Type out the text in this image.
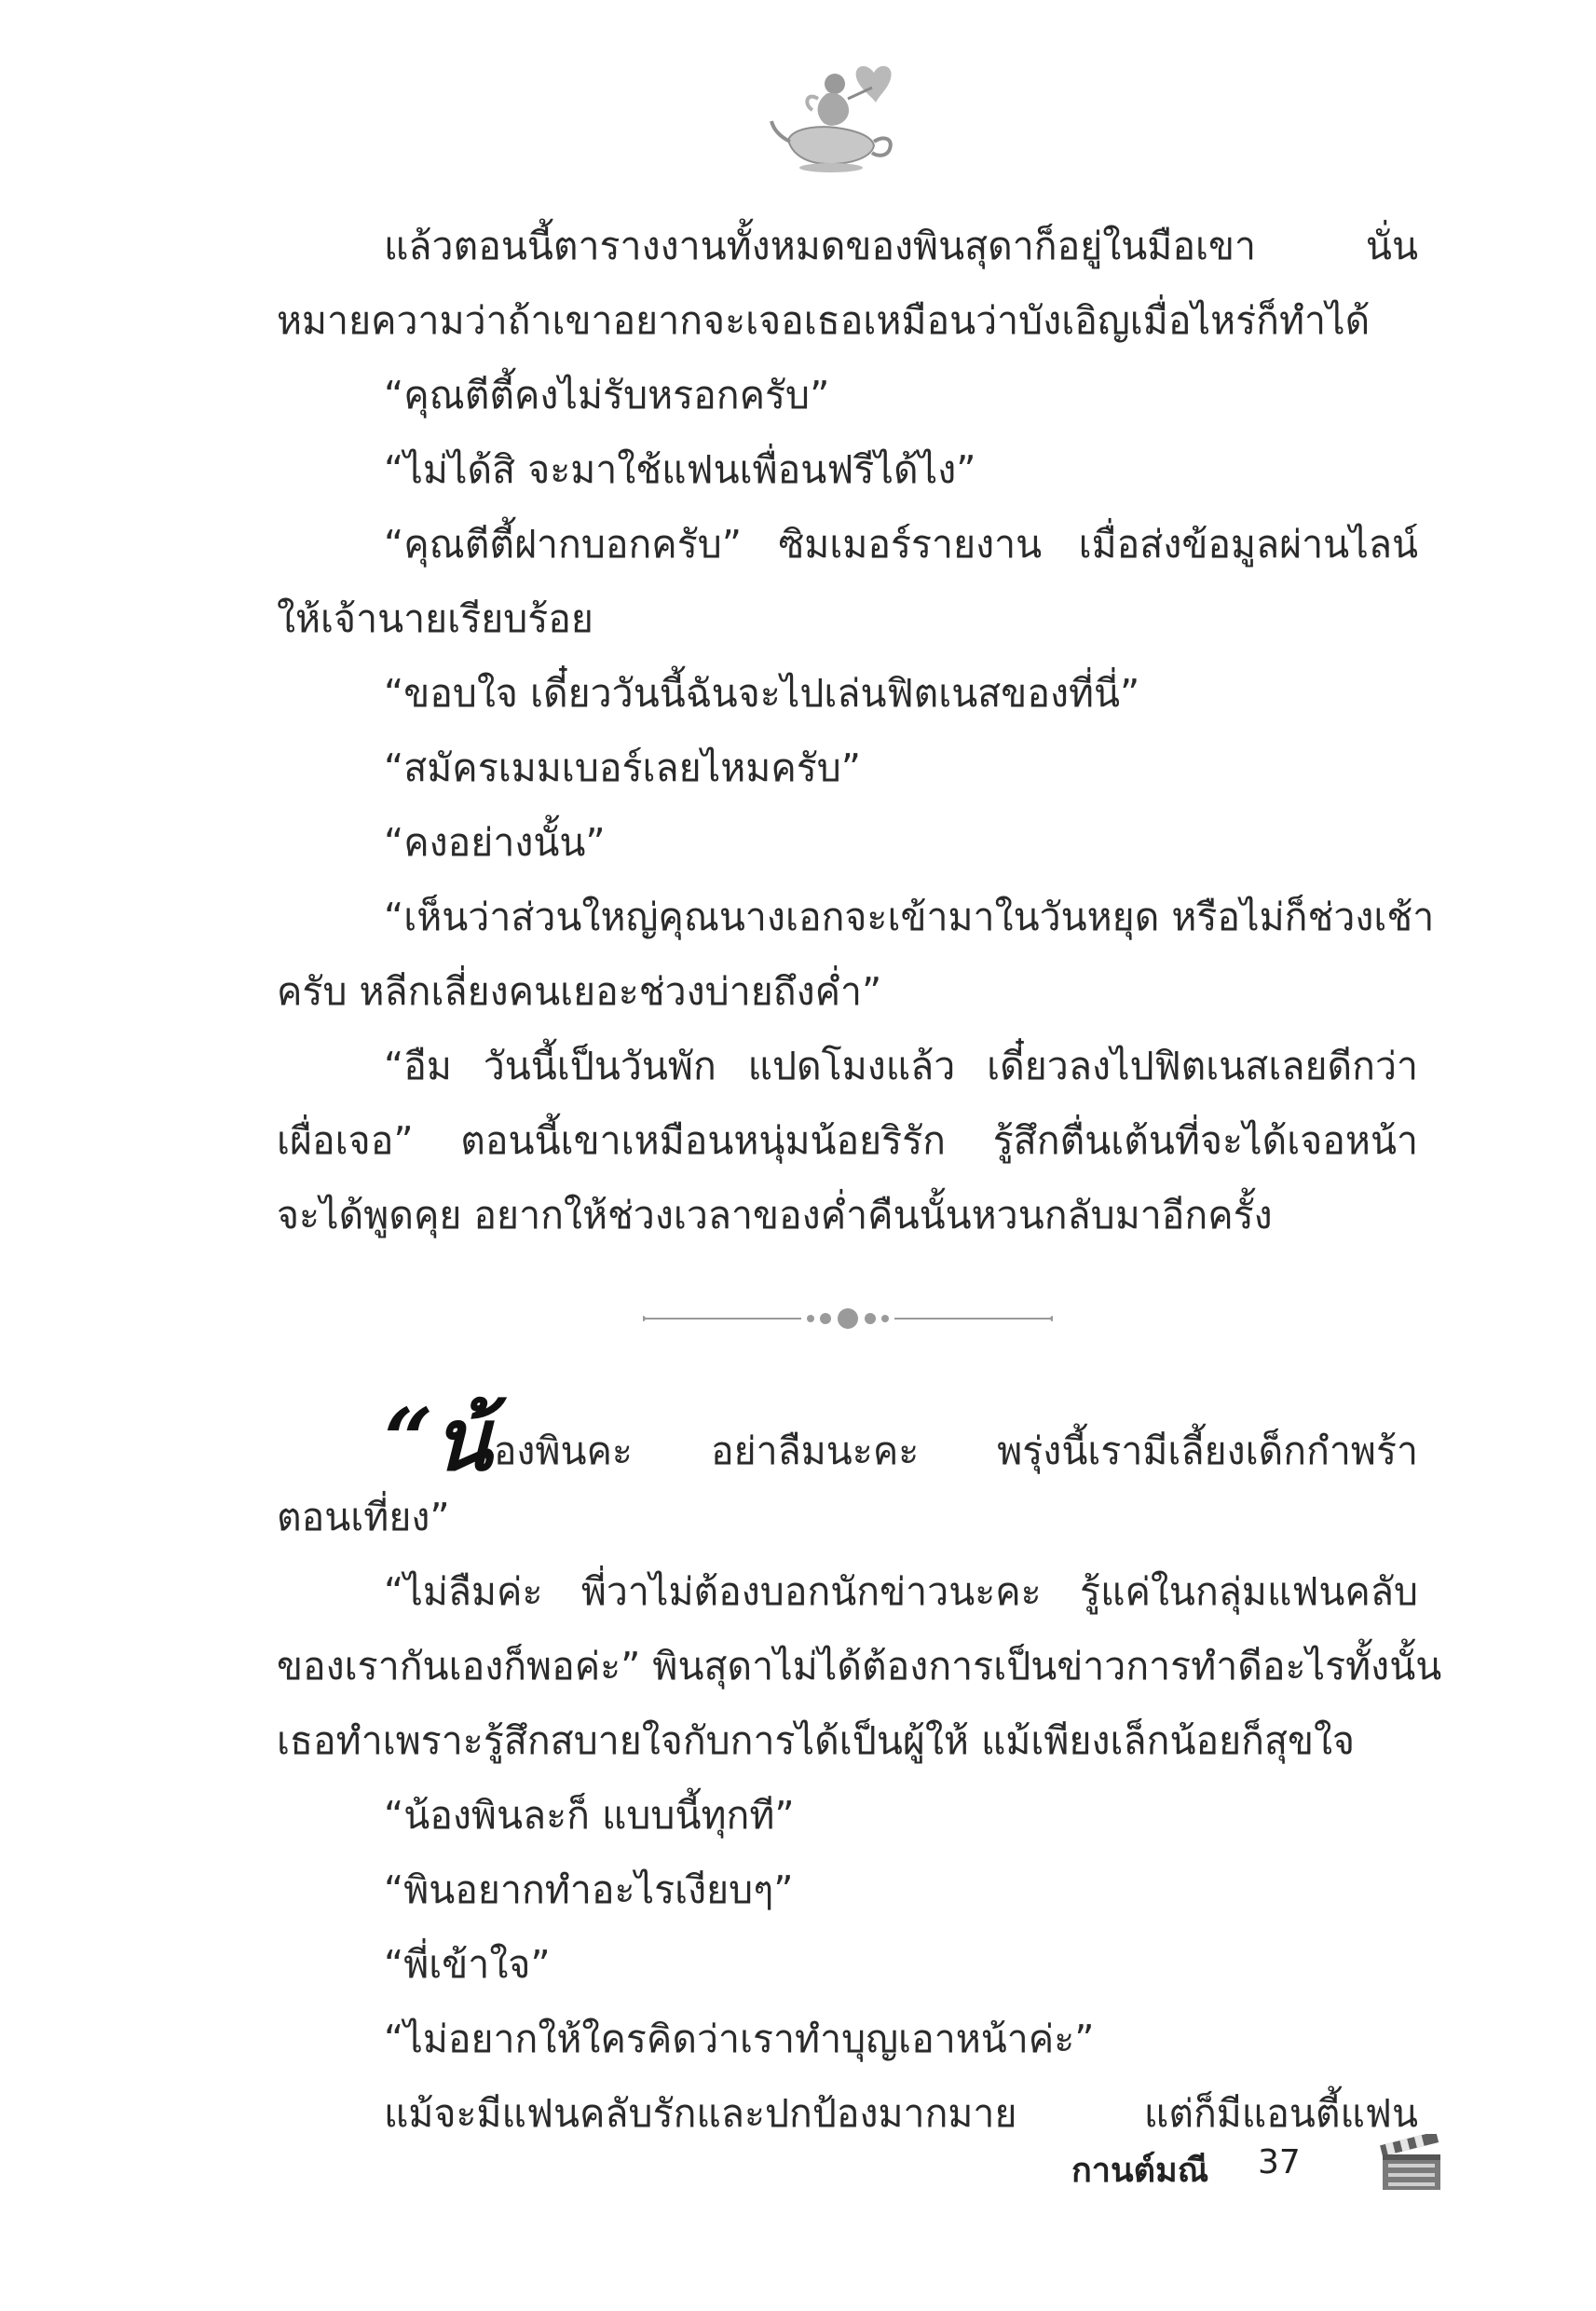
แล้วตอนนี้ตารางงานทั้งหมดของพินสุดาก็อยู่ในมือเขา นั่น
หมายความว่าถ้าเขาอยากจะเจอเธอเหมือนว่าบังเอิญเมื่อไหร่ก็ทำได้
“คุณตีตี้คงไม่รับหรอกครับ”
“ไม่ได้สิ จะมาใช้แฟนเพื่อนฟรีได้ไง”
“คุณตีตี้ฝากบอกครับ” ซิมเมอร์รายงาน เมื่อส่งข้อมูลผ่านไลน์
ให้เจ้านายเรียบร้อย
“ขอบใจ เดี๋ยววันนี้ฉันจะไปเล่นฟิตเนสของที่นี่”
“สมัครเมมเบอร์เลยไหมครับ”
“คงอย่างนั้น”
“เห็นว่าส่วนใหญ่คุณนางเอกจะเข้ามาในวันหยุด หรือไม่ก็ช่วงเช้า
ครับ หลีกเลี่ยงคนเยอะช่วงบ่ายถึงค่ำ”
“อืม วันนี้เป็นวันพัก แปดโมงแล้ว เดี๋ยวลงไปฟิตเนสเลยดีกว่า
เผื่อเจอ” ตอนนี้เขาเหมือนหนุ่มน้อยริรัก รู้สึกตื่นเต้นที่จะได้เจอหน้า
จะได้พูดคุย อยากให้ช่วงเวลาของค่ำคืนนั้นหวนกลับมาอีกครั้ง
“น้องพินคะ อย่าลืมนะคะ พรุ่งนี้เรามีเลี้ยงเด็กกำพร้า
ตอนเที่ยง”
“ไม่ลืมค่ะ พี่วาไม่ต้องบอกนักข่าวนะคะ รู้แค่ในกลุ่มแฟนคลับ
ของเรากันเองก็พอค่ะ” พินสุดาไม่ได้ต้องการเป็นข่าวการทำดีอะไรทั้งนั้น
เธอทำเพราะรู้สึกสบายใจกับการได้เป็นผู้ให้ แม้เพียงเล็กน้อยก็สุขใจ
“น้องพินละก็ แบบนี้ทุกที”
“พินอยากทำอะไรเงียบๆ”
“พี่เข้าใจ”
“ไม่อยากให้ใครคิดว่าเราทำบุญเอาหน้าค่ะ”
แม้จะมีแฟนคลับรักและปกป้องมากมาย แต่ก็มีแอนตี้แฟน
กานต์มณี 37
